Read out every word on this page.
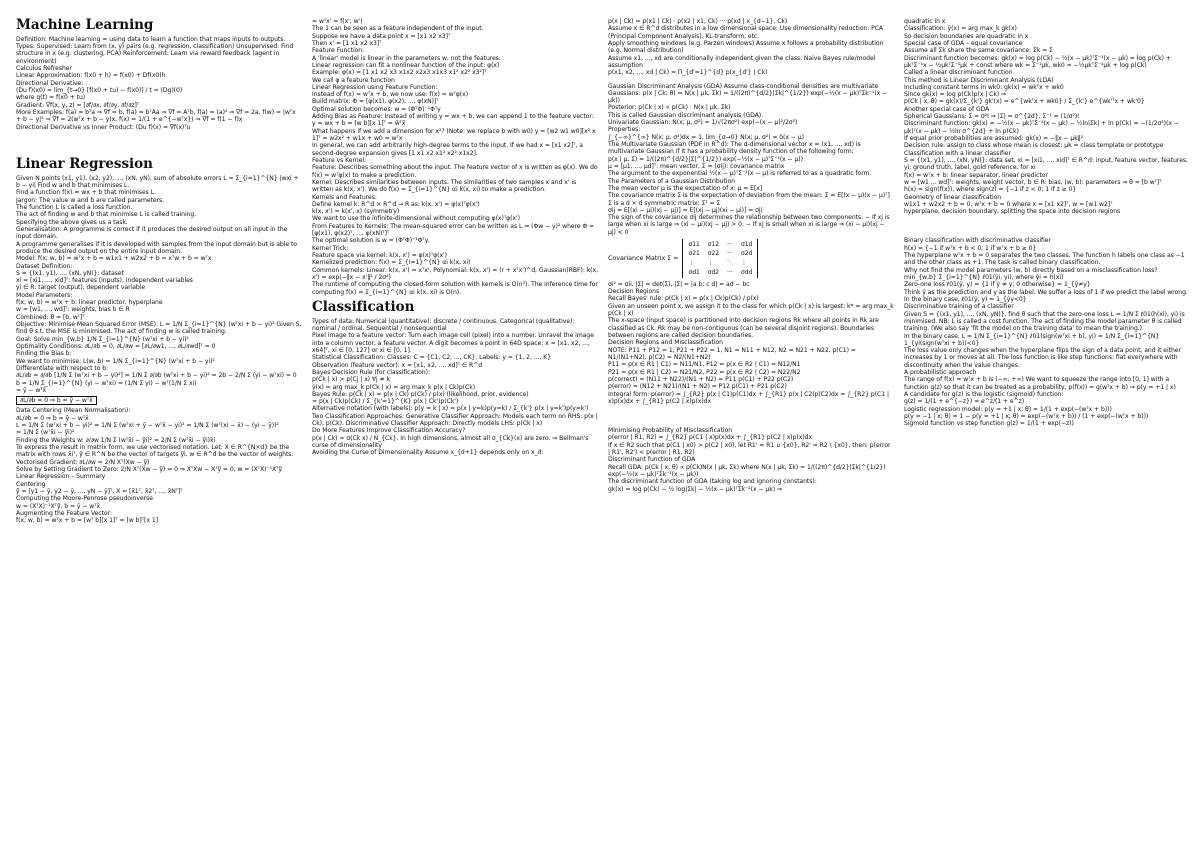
Machine Learning

Definition: Machine learning = using data to learn a function that maps inputs to outputs.

Types: Supervised: Learn from (x, y) pairs (e.g. regression, classification) Unsupervised: Find structure in x (e.g. clustering, PCA) Reinforcement: Learn via reward feedback (agent in environment)

Calculus Refresher

Linear Approximation: f(x0 + h) ≈ f(x0) + Df(x0)h

Directional Derivative:

(Du f)(x0) = lim_{t→0} [f(x0 + tu) − f(x0)] / t = (Dg)(0)

where g(t) = f(x0 + tu)

Gradient: ∇f(x, y, z) = [∂f/∂x, ∂f/∂y, ∂f/∂z]ᵀ

More Examples: f(a) = bᵀa ⇒ ∇f = b, f(a) = bᵀAa ⇒ ∇f = Aᵀb, f(a) = (a)² ⇒ ∇f = 2a, f(w) = |wᵀx + b − y|² ⇒ ∇f = 2(wᵀx + b − y)x, f(x) = 1/(1 + e^{−wᵀx}) ⇒ ∇f = f(1 − f)x

Directional Derivative vs Inner Product: (Du f)(x) = ∇f(x)ᵀu

Linear Regression

Given N points (x1, y1), (x2, y2), ..., (xN, yN), sum of absolute errors L = Σ_{i=1}^{N} |wxi + b − yi| Find w and b that minimises L.

Find a function f(x) = wx + b that minimises L.

Jargon: The value w and b are called parameters.

The function L is called a loss function.

The act of finding w and b that minimise L is called training.

Specifying the above gives us a task.

Generalisation: A programme is correct if it produces the desired output on all input in the input domain.

A programme generalises if it is developed with samples from the input domain but is able to produce the desired output on the entire input domain.

Model: f(x; w, b) = wᵀx + b = w1x1 + w2x2 + b = xᵀw + b = wᵀx

Dataset Definition:

S = {(x1, y1), ..., (xN, yN)}: dataset

xi = [xi1, ..., xid]ᵀ: features (inputs), independent variables

yi ∈ R: target (output), dependent variable

Model Parameters:

f(x; w, b) = wᵀx + b: linear predictor, hyperplane

w = [w1, ..., wd]ᵀ: weights, bias b ∈ R

Combined: θ = [b, wᵀ]ᵀ

Objective: Minimise Mean Squared Error (MSE): L = 1/N Σ_{i=1}^{N} (wᵀxi + b − yi)² Given S, find θ s.t. the MSE is minimised. The act of finding w is called training.

Goal: Solve min_{w,b} 1/N Σ_{i=1}^{N} (wᵀxi + b − yi)²

Optimality Conditions: ∂L/∂b = 0, ∂L/∂w = [∂L/∂w1, ..., ∂L/∂wd]ᵀ = 0

Finding the Bias b:

We want to minimise: L(w, b) = 1/N Σ_{i=1}^{N} (wᵀxi + b − yi)²

Differentiate with respect to b:

∂L/∂b = ∂/∂b [1/N Σ (wᵀxi + b − yi)²] = 1/N Σ ∂/∂b (wᵀxi + b − yi)² = 2b − 2/N Σ (yi − wᵀxi) = 0

b = 1/N Σ_{i=1}^{N} (yi − wᵀxi) = (1/N Σ yi) − wᵀ(1/N Σ xi)

= ȳ − wᵀx̄

∂L/∂b = 0 ⇒ b = ȳ − wᵀx̄

Data Centering (Mean Normalisation):

∂L/∂b = 0 ⇒ b = ȳ − wᵀx̄

L = 1/N Σ (wᵀxi + b − yi)² = 1/N Σ (wᵀxi + ȳ − wᵀx̄ − yi)² = 1/N Σ (wᵀ(xi − x̄) − (yi − ȳ))²

= 1/N Σ (wᵀx̃i − ỹi)²

Finding the Weights w: ∂/∂w 1/N Σ (wᵀx̃i − ỹi)² = 2/N Σ (wᵀx̃i − ỹi)x̃i

To express the result in matrix form, we use vectorised notation. Let: X ∈ R^{N×d} be the matrix with rows x̃iᵀ, ỹ ∈ R^N be the vector of targets ỹi, w ∈ R^d be the vector of weights.

Vectorised Gradient: ∂L/∂w = 2/N Xᵀ(Xw − ỹ)

Solve by Setting Gradient to Zero: 2/N Xᵀ(Xw − ỹ) = 0 ⇒ XᵀXw − Xᵀỹ = 0, w = (XᵀX)⁻¹Xᵀỹ

Linear Regression – Summary

Centering

ỹ = [y1 − ȳ, y2 − ȳ, ..., yN − ȳ]ᵀ, X = [x̃1ᵀ, x̃2ᵀ, ..., x̃Nᵀ]ᵀ

Computing the Moore-Penrose pseudoinverse

w = (XᵀX)⁻¹Xᵀỹ, b = ȳ − wᵀx̄

Augmenting the Feature Vector:

f(x; w, b) = wᵀx + b = [wᵀ b][x 1]ᵀ = [w b]ᵀ[x 1]

= wᵀx' = f(x'; w')

The 1 can be seen as a feature independent of the input.

Suppose we have a data point x = [x1 x2 x3]ᵀ

Then x' = [1 x1 x2 x3]ᵀ

Feature Function:

A 'linear' model is linear in the parameters w, not the features.

Linear regression can fit a nonlinear function of the input: φ(x)

Example: φ(x) = [1 x1 x2 x3 x1x2 x2x3 x1x3 x1² x2² x3²]ᵀ

We call φ a feature function

Linear Regression using Feature Function:

Instead of f(x) = wᵀx + b, we now use: f(x) = wᵀφ(x)

Build matrix: Φ = [φ(x1), φ(x2), ..., φ(xN)]ᵀ

Optimal solution becomes: w = (ΦᵀΦ)⁻¹Φᵀy

Adding Bias as Feature: Instead of writing y = wx + b, we can append 1 to the feature vector: y = wx + b = [w b][x 1]ᵀ = w̃ᵀx̃

What happens if we add a dimension for x²? (Note: we replace b with w0) y = [w2 w1 w0][x² x 1]ᵀ = w2x² + w1x + w0 = wᵀx

In general, we can add arbitrarily high-degree terms to the input. If we had x = [x1 x2]ᵀ, a second-degree expansion gives [1 x1 x2 x1² x2² x1x2].

Feature vs Kernel:

Feature: Describes something about the input. The feature vector of x is written as φ(x). We do f(x) = wᵀφ(x) to make a prediction.

Kernel: Describes similarities between inputs. The similarities of two samples x and x' is written as k(x, x'). We do f(x) = Σ_{i=1}^{N} αi k(x, xi) to make a prediction.

Kernels and Features:

Define kernel k: R^d × R^d → R as: k(x, x') = φ(x)ᵀφ(x')

k(x, x') = k(x', x) (symmetry)

We want to use the infinite-dimensional without computing φ(x)ᵀφ(x')

From Features to Kernels: The mean-squared error can be written as L = (Φw − y)² where Φ = [φ(x1), φ(x2)ᵀ, ..., φ(xN)ᵀ]ᵀ

The optimal solution is w = (ΦᵀΦ)⁻¹Φᵀy.

Kernel Trick:

Feature space via kernel: k(x, x') = φ(x)ᵀφ(x')

Kernelized prediction: f(x) = Σ_{i=1}^{N} αi k(x, xi)

Common kernels: Linear: k(x, x') = xᵀx', Polynomial: k(x, x') = (r + xᵀx')^d, Gaussian(RBF): k(x, x') = exp(−‖x − x'‖² / 2σ²)

The runtime of computing the closed-form solution with kernels is O(n³). The inference time for computing f(x) = Σ_{i=1}^{N} αi k(x, xi) is O(n).

Classification

Types of data: Numerical (quantitative): discrete / continuous. Categorical (qualitative): nominal / ordinal. Sequential / nonsequential

Pixel image to a feature vector: Turn each image cell (pixel) into a number. Unravel the image into a column vector, a feature vector. A digit becomes a point in 64D space: x = [x1, x2, ..., x64]ᵀ, xi ∈ [0, 127] or xi ∈ [0, 1].

Statistical Classification: Classes: C = {C1, C2, ..., CK}. Labels: y = {1, 2, ..., K}

Observation (feature vector): x = [x1, x2, ..., xd]ᵀ ∈ R^d

Bayes Decision Rule (for classification):

p(Ck | x) > p(Cj | x) ∀j ≠ k

ŷ(x) = arg max_k p(Ck | x) = arg max_k p(x | Ck)p(Ck)

Bayes Rule: p(Ck | x) = p(x | Ck) p(Ck) / p(x) (likelihood, prior, evidence)

= p(x | Ck)p(Ck) / Σ_{k'=1}^{K} p(x | Ck')p(Ck')

Alternative notation (with labels): p(y = k | x) = p(x | y=k)p(y=k) / Σ_{k'} p(x | y=k')p(y=k')

Two Classification Approaches: Generative Classifier Approach: Models each term on RHS: p(x | Ck), p(Ck). Discriminative Classifier Approach: Directly models LHS: p(Ck | x)

Do More Features Improve Classification Accuracy?

p(x | Ck) ≈ σ(Ck x) / N_{Ck}. In high dimensions, almost all σ_{Ck}(x) are zero. ⇒ Bellman's curse of dimensionality

Avoiding the Curse of Dimensionality Assume x_{d+1} depends only on x_d:

p(x | Ck) ≈ p(x1 | Ck) · p(x2 | x1, Ck) ··· p(xd | x_{d−1}, Ck)

Assume x ∈ R^d distributes in a low dimensional space: Use dimensionality reduction: PCA (Principal Component Analysis), KL-transform, etc.

Apply smoothing windows (e.g. Parzen windows) Assume x follows a probability distribution (e.g. Normal distribution)

Assume x1, ..., xd are conditionally independent given the class. Naive Bayes rule/model assumption

p(x1, x2, ..., xd | Ck) = Π_{d'=1}^{d} p(x_{d'} | Ck)

Gaussian Discriminant Analysis (GDA) Assume class-conditional densities are multivariate Gaussians: p(x | Ck; θ) = N(x | μk, Σk) = 1/((2π)^{d/2}|Σk|^{1/2}) exp(−½(x − μk)ᵀΣk⁻¹(x − μk))

Posterior: p(Ck | x) ∝ p(Ck) · N(x | μk, Σk)

This is called Gaussian discriminant analysis (GDA).

Univariate Gaussian: N(x; μ, σ²) = 1/√(2πσ²) exp(−(x − μ)²/2σ²)

Properties:

∫_{−∞}^{∞} N(x; μ, σ²)dx = 1, lim_{σ→0} N(x; μ, σ²) = δ(x − μ)

The Multivariate Gaussian (PDF in R^d): The d-dimensional vector x = (x1, ..., xd) is multivariate Gaussian if it has a probability density function of the following form:

p(x | μ, Σ) = 1/((2π)^{d/2}|Σ|^{1/2}) exp(−½(x − μ)ᵀΣ⁻¹(x − μ))

μ = [μ1, ..., μd]ᵀ: mean vector, Σ = (σij): covariance matrix

The argument to the exponential ½(x − μ)ᵀΣ⁻¹(x − μ) is referred to as a quadratic form.

The Parameters of a Gaussian Distribution

The mean vector μ is the expectation of x: μ = E[x]

The covariance matrix Σ is the expectation of deviation from the mean: Σ = E[(x − μ)(x − μ)ᵀ]

Σ is a d × d symmetric matrix: Σᵀ = Σ

σij = E[(xi − μi)(xj − μj)] = E[(xj − μj)(xi − μi)] = σji

The sign of the covariance σij determines the relationship between two components: − If xj is large when xi is large ⇒ (xi − μi)(xj − μj) > 0. − If xj is small when xi is large ⇒ (xi − μi)(xj − μj) < 0

Covariance Matrix Σ =
σ11 σ12 ··· σ1d
σ21 σ22 ··· σ2d
⋮	⋮	⋱ ⋮
σd1 σd2 ··· σdd

σi² = σii, |Σ| = det(Σ), |Σ| = |a b; c d| = ad − bc

Decision Regions

Recall Bayes' rule: p(Ck | x) = p(x | Ck)p(Ck) / p(x)

Given an unseen point x, we assign it to the class for which p(Ck | x) is largest: k* = arg max_k p(Ck | x)

The x-space (input space) is partitioned into decision regions Rk where all points in Rk are classified as Ck. Rk may be non-contiguous (can be several disjoint regions). Boundaries between regions are called decision boundaries.

Decision Regions and Misclassification

NOTE: P11 + P12 = 1, P21 + P22 = 1, N1 = N11 + N12, N2 = N21 + N22, p(C1) = N1/(N1+N2), p(C2) = N2/(N1+N2)

P11 = p(x ∈ R1 | C1) = N11/N1, P12 = p(x ∈ R2 | C1) = N12/N1

P21 = p(x ∈ R1 | C2) = N21/N2, P22 = p(x ∈ R2 | C2) = N22/N2

p(correct) = (N11 + N22)/(N1 + N2) = P11 p(C1) + P22 p(C2)

p(error) = (N12 + N21)/(N1 + N2) = P12 p(C1) + P21 p(C2)

Integral form: p(error) = ∫_{R2} p(x | C1)p(C1)dx + ∫_{R1} p(x | C2)p(C2)dx = ∫_{R2} p(C1 | x)p(x)dx + ∫_{R1} p(C2 | x)p(x)dx

Minimising Probability of Misclassification

p(error | R1, R2) = ∫_{R2} p(C1 | x)p(x)dx + ∫_{R1} p(C2 | x)p(x)dx

If x ∈ R2 such that p(C1 | x0) > p(C2 | x0), let R1' = R1 ∪ {x0}, R2' = R2 \ {x0}, then: p(error | R1', R2') < p(error | R1, R2)

Discriminant function of GDA

Recall GDA: p(Ck | x; θ) ∝ p(Ck)N(x | μk, Σk) where N(x | μk, Σk) = 1/((2π)^{d/2}|Σk|^{1/2}) exp(−½(x − μk)ᵀΣk⁻¹(x − μk))

The discriminant function of GDA (taking log and ignoring constants):

gk(x) = log p(Ck) − ½ log|Σk| − ½(x − μk)ᵀΣk⁻¹(x − μk) ⇒

quadratic in x

Classification: ŷ(x) = arg max_k gk(x)

So decision boundaries are quadratic in x

Special case of GDA – equal covariance

Assume all Σk share the same covariance: Σk = Σ

Discriminant function becomes: gk(x) = log p(Ck) − ½(x − μk)ᵀΣ⁻¹(x − μk) = log p(Ck) + μkᵀΣ⁻¹x − ½μkᵀΣ⁻¹μk + const where wk = Σ⁻¹μk, wk0 = −½μkᵀΣ⁻¹μk + log p(Ck)

Called a linear discriminant function

This method is Linear Discriminant Analysis (LDA)

Including constant terms in wk0: gk(x) = wkᵀx + wk0

Since gk(x) = log p(Ck)p(x | Ck) ⇒

p(Ck | x, θ) = gk(x)/Σ_{k'} gk'(x) = e^{wkᵀx + wk0} / Σ_{k'} e^{wk'ᵀx + wk'0}

Another special case of GDA

Spherical Gaussians: Σ = σ²I ⇒ |Σ| = σ^{2d}, Σ⁻¹ = (1/σ²)I

Discriminant function: gk(x) = −½(x − μk)ᵀΣ⁻¹(x − μk) − ½ln|Σk| + ln p(Ck) = −(1/2σ²)(x − μk)ᵀ(x − μk) − ½ln σ^{2d} + ln p(Ck)

If equal prior probabilities are assumed: gk(x) = −‖x − μk‖²

Decision rule: assign to class whose mean is closest: μk = class template or prototype

Classification with a linear classifier

S = {(x1, y1), ..., (xN, yN)}: data set, xi = [xi1, ..., xid]ᵀ ∈ R^d: input, feature vector, features, yi: ground truth, label, gold reference, for xi

f(x) = wᵀx + b: linear separator, linear predictor

w = [w1 ... wd]ᵀ: weights, weight vector, b ∈ R: bias, (w, b): parameters ⇒ θ = [b wᵀ]ᵀ

h(x) = sign(f(x)), where sign(z) = {−1 if z < 0; 1 if z ≥ 0}

Geometry of linear classification

w1x1 + w2x2 + b = 0, wᵀx + b = 0 where x = [x1 x2]ᵀ, w = [w1 w2]ᵀ

hyperplane, decision boundary, splitting the space into decision regions

Binary classification with discriminative classifier

h(x) = {−1 if wᵀx + b < 0; 1 if wᵀx + b ≥ 0}

The hyperplane wᵀx + b = 0 separates the two classes. The function h labels one class as −1 and the other class as +1. The task is called binary classification.

Why not find the model parameters (w, b) directly based on a misclassification loss?

min_{w,b} Σ_{i=1}^{N} ℓ01(ŷi, yi), where ŷi = h(xi)

Zero-one loss ℓ01(ŷ, y) = {1 if ŷ ≠ y; 0 otherwise} = 1_{ŷ≠y}

Think ŷ as the prediction and y as the label. We suffer a loss of 1 if we predict the label wrong. In the binary case, ℓ01(ŷ, y) = 1_{ŷy<0}

Discriminative training of a classifier

Given S = {(x1, y1), ..., (xN, yN)}, find θ such that the zero-one loss L = 1/N Σ ℓ01(h(xi), yi) is minimised. NB: L is called a cost function. The act of finding the model parameter θ is called training. (We also say 'fit the model on the training data' to mean the training.)

In the binary case, L = 1/N Σ_{i=1}^{N} ℓ01(sign(wᵀxi + b), yi) = 1/N Σ_{i=1}^{N} 1_{yi(sign(wᵀxi + b))<0}

The loss value only changes when the hyperplane flips the sign of a data point, and it either increases by 1 or moves at all. The loss function is like step functions: flat everywhere with discontinuity when the value changes.

A probabilistic approach

The range of f(x) = wᵀx + b is (−∞, +∞) We want to squeeze the range into [0, 1] with a function g(z) so that it can be treated as a probability, p(f(x)) = g(wᵀx + b) ⇒ p(y = +1 | x)

A candidate for g(z) is the logistic (sigmoid) function:

g(z) = 1/(1 + e^{−z}) = e^z/(1 + e^z)

Logistic regression model: p(y = +1 | x; θ) = 1/(1 + exp(−(wᵀx + b)))

p(y = −1 | x; θ) = 1 − p(y = +1 | x; θ) = exp(−(wᵀx + b)) / (1 + exp(−(wᵀx + b)))

Sigmoid function vs step function g(z) = 1/(1 + exp(−z))
